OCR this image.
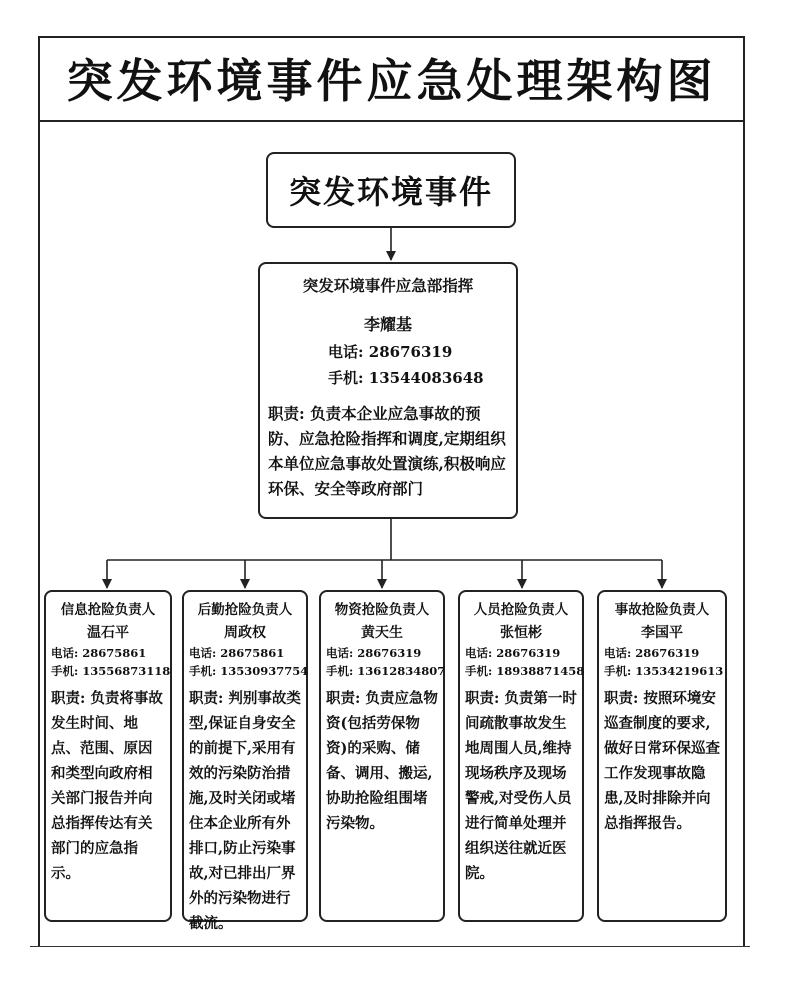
突发环境事件应急处理架构图
突发环境事件
突发环境事件应急部指挥
李耀基
电话: 28676319
手机: 13544083648
职责: 负责本企业应急事故的预防、应急抢险指挥和调度,定期组织本单位应急事故处置演练,积极响应环保、安全等政府部门
信息抢险负责人
温石平
电话: 28675861
手机: 13556873118
职责: 负责将事故发生时间、地点、范围、原因和类型向政府相关部门报告并向总指挥传达有关部门的应急指示。
后勤抢险负责人
周政权
电话: 28675861
手机: 13530937754
职责: 判别事故类型,保证自身安全的前提下,采用有效的污染防治措施,及时关闭或堵住本企业所有外排口,防止污染事故,对已排出厂界外的污染物进行截流。
物资抢险负责人
黄天生
电话: 28676319
手机: 13612834807
职责: 负责应急物资(包括劳保物资)的采购、储备、调用、搬运,协助抢险组围堵污染物。
人员抢险负责人
张恒彬
电话: 28676319
手机: 18938871458
职责: 负责第一时间疏散事故发生地周围人员,维持现场秩序及现场警戒,对受伤人员进行简单处理并组织送往就近医院。
事故抢险负责人
李国平
电话: 28676319
手机: 13534219613
职责: 按照环境安巡查制度的要求,做好日常环保巡查工作发现事故隐患,及时排除并向总指挥报告。
